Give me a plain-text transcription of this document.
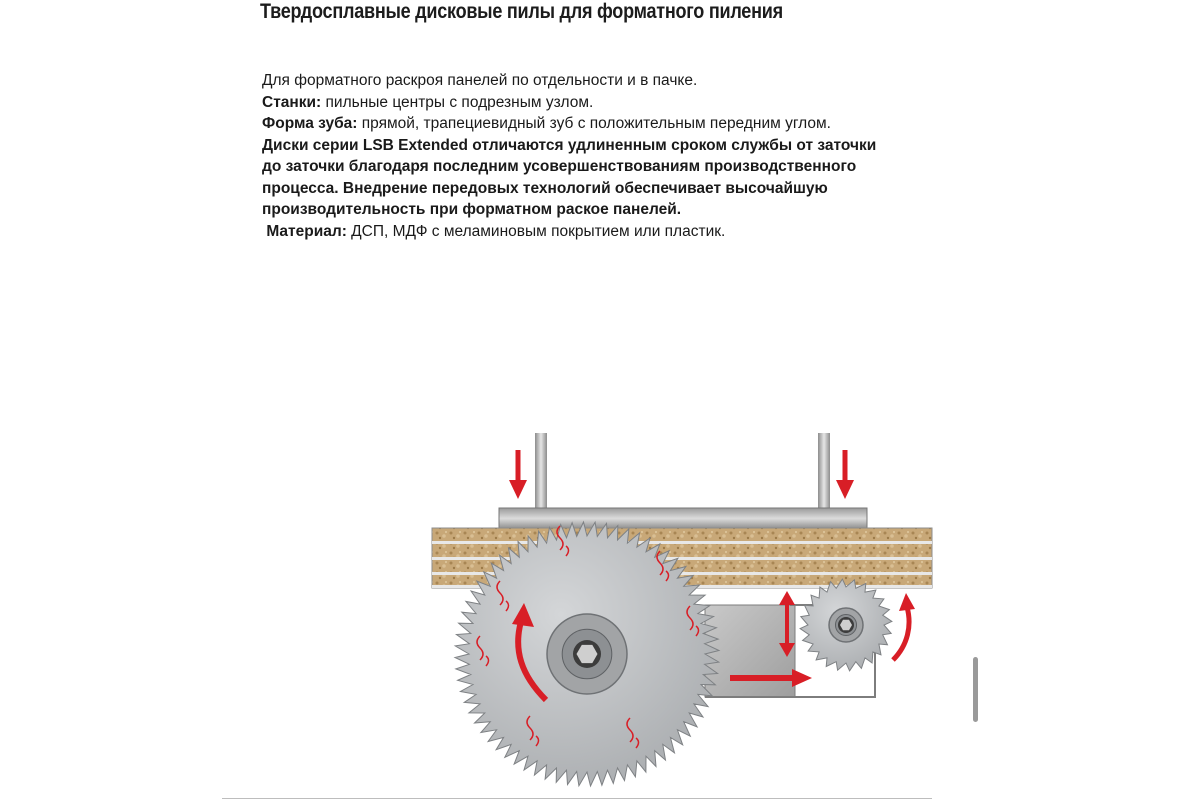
Твердосплавные дисковые пилы для форматного пиления
Для форматного раскроя панелей по отдельности и в пачке.
Станки: пильные центры с подрезным узлом.
Форма зуба: прямой, трапециевидный зуб с положительным передним углом.
Диски серии LSB Extended отличаются удлиненным сроком службы от заточки
до заточки благодаря последним усовершенствованиям производственного
процесса. Внедрение передовых технологий обеспечивает высочайшую
производительность при форматном раское панелей.
Материал: ДСП, МДФ с меламиновым покрытием или пластик.
